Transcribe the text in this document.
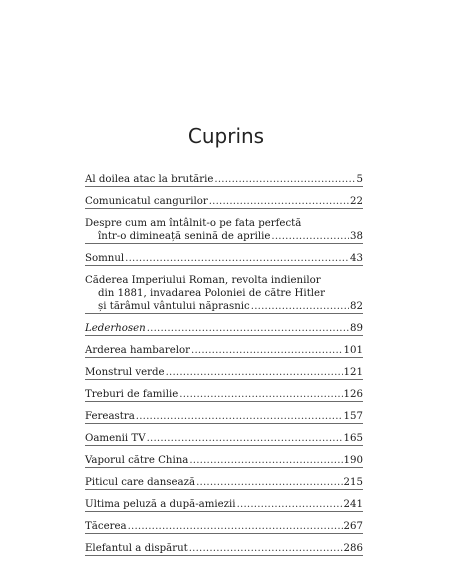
Cuprins
Al doilea atac la brutărie .....	5
Comunicatul cangurilor .....	22
Despre cum am întâlnit-o pe fata perfectă
într-o dimineață senină de aprilie .....	38
Somnul .....	43
Căderea Imperiului Roman, revolta indienilor
din 1881, invadarea Poloniei de către Hitler
și tărâmul vântului năprasnic .....	82
Lederhosen .....	89
Arderea hambarelor .....	101
Monstrul verde .....	121
Treburi de familie .....	126
Fereastra .....	157
Oamenii TV .....	165
Vaporul către China .....	190
Piticul care dansează .....	215
Ultima peluză a după-amiezii .....	241
Tăcerea .....	267
Elefantul a dispărut .....	286
